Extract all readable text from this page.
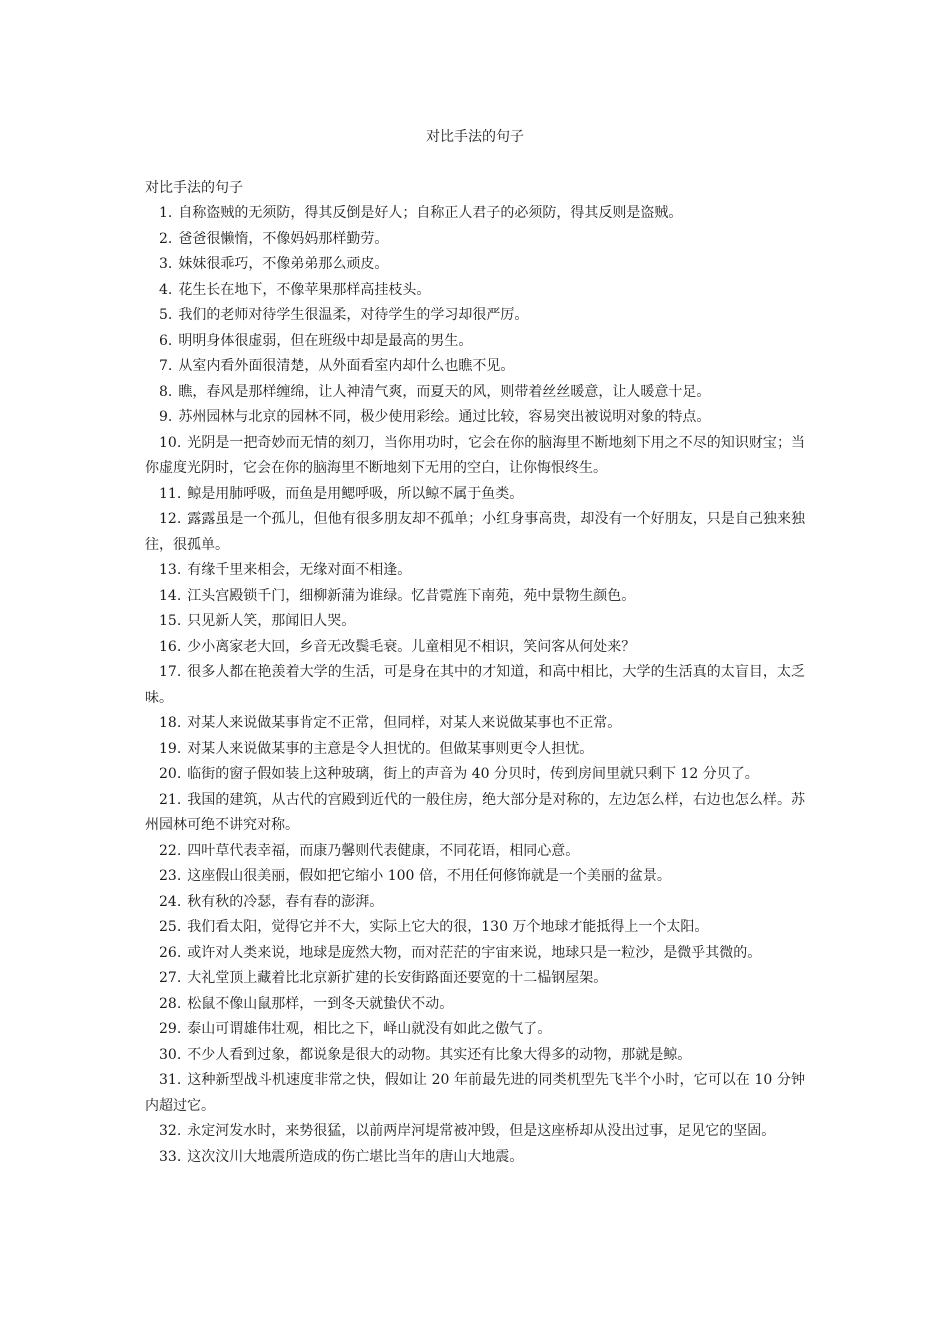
对比手法的句子
对比手法的句子
1. 自称盗贼的无须防，得其反倒是好人；自称正人君子的必须防，得其反则是盗贼。
2. 爸爸很懒惰，不像妈妈那样勤劳。
3. 妹妹很乖巧，不像弟弟那么顽皮。
4. 花生长在地下，不像苹果那样高挂枝头。
5. 我们的老师对待学生很温柔，对待学生的学习却很严厉。
6. 明明身体很虚弱，但在班级中却是最高的男生。
7. 从室内看外面很清楚，从外面看室内却什么也瞧不见。
8. 瞧，春风是那样缠绵，让人神清气爽，而夏天的风，则带着丝丝暖意，让人暖意十足。
9. 苏州园林与北京的园林不同，极少使用彩绘。通过比较，容易突出被说明对象的特点。
10. 光阴是一把奇妙而无情的刻刀，当你用功时，它会在你的脑海里不断地刻下用之不尽的知识财宝；当你虚度光阴时，它会在你的脑海里不断地刻下无用的空白，让你悔恨终生。
11. 鲸是用肺呼吸，而鱼是用鳃呼吸，所以鲸不属于鱼类。
12. 露露虽是一个孤儿，但他有很多朋友却不孤单；小红身事高贵，却没有一个好朋友，只是自己独来独往，很孤单。
13. 有缘千里来相会，无缘对面不相逢。
14. 江头宫殿锁千门，细柳新蒲为谁绿。忆昔霓旌下南苑，苑中景物生颜色。
15. 只见新人笑，那闻旧人哭。
16. 少小离家老大回，乡音无改鬓毛衰。儿童相见不相识，笑问客从何处来？
17. 很多人都在艳羡着大学的生活，可是身在其中的才知道，和高中相比，大学的生活真的太盲目，太乏味。
18. 对某人来说做某事肯定不正常，但同样，对某人来说做某事也不正常。
19. 对某人来说做某事的主意是令人担忧的。但做某事则更令人担忧。
20. 临街的窗子假如装上这种玻璃，街上的声音为 40 分贝时，传到房间里就只剩下 12 分贝了。
21. 我国的建筑，从古代的宫殿到近代的一般住房，绝大部分是对称的，左边怎么样，右边也怎么样。苏州园林可绝不讲究对称。
22. 四叶草代表幸福，而康乃馨则代表健康，不同花语，相同心意。
23. 这座假山很美丽，假如把它缩小 100 倍，不用任何修饰就是一个美丽的盆景。
24. 秋有秋的冷瑟，春有春的澎湃。
25. 我们看太阳，觉得它并不大，实际上它大的很，130 万个地球才能抵得上一个太阳。
26. 或许对人类来说，地球是庞然大物，而对茫茫的宇宙来说，地球只是一粒沙，是微乎其微的。
27. 大礼堂顶上藏着比北京新扩建的长安街路面还要宽的十二榀钢屋架。
28. 松鼠不像山鼠那样，一到冬天就蛰伏不动。
29. 泰山可谓雄伟壮观，相比之下，峄山就没有如此之傲气了。
30. 不少人看到过象，都说象是很大的动物。其实还有比象大得多的动物，那就是鲸。
31. 这种新型战斗机速度非常之快，假如让 20 年前最先进的同类机型先飞半个小时，它可以在 10 分钟内超过它。
32. 永定河发水时，来势很猛，以前两岸河堤常被冲毁，但是这座桥却从没出过事，足见它的坚固。
33. 这次汶川大地震所造成的伤亡堪比当年的唐山大地震。
